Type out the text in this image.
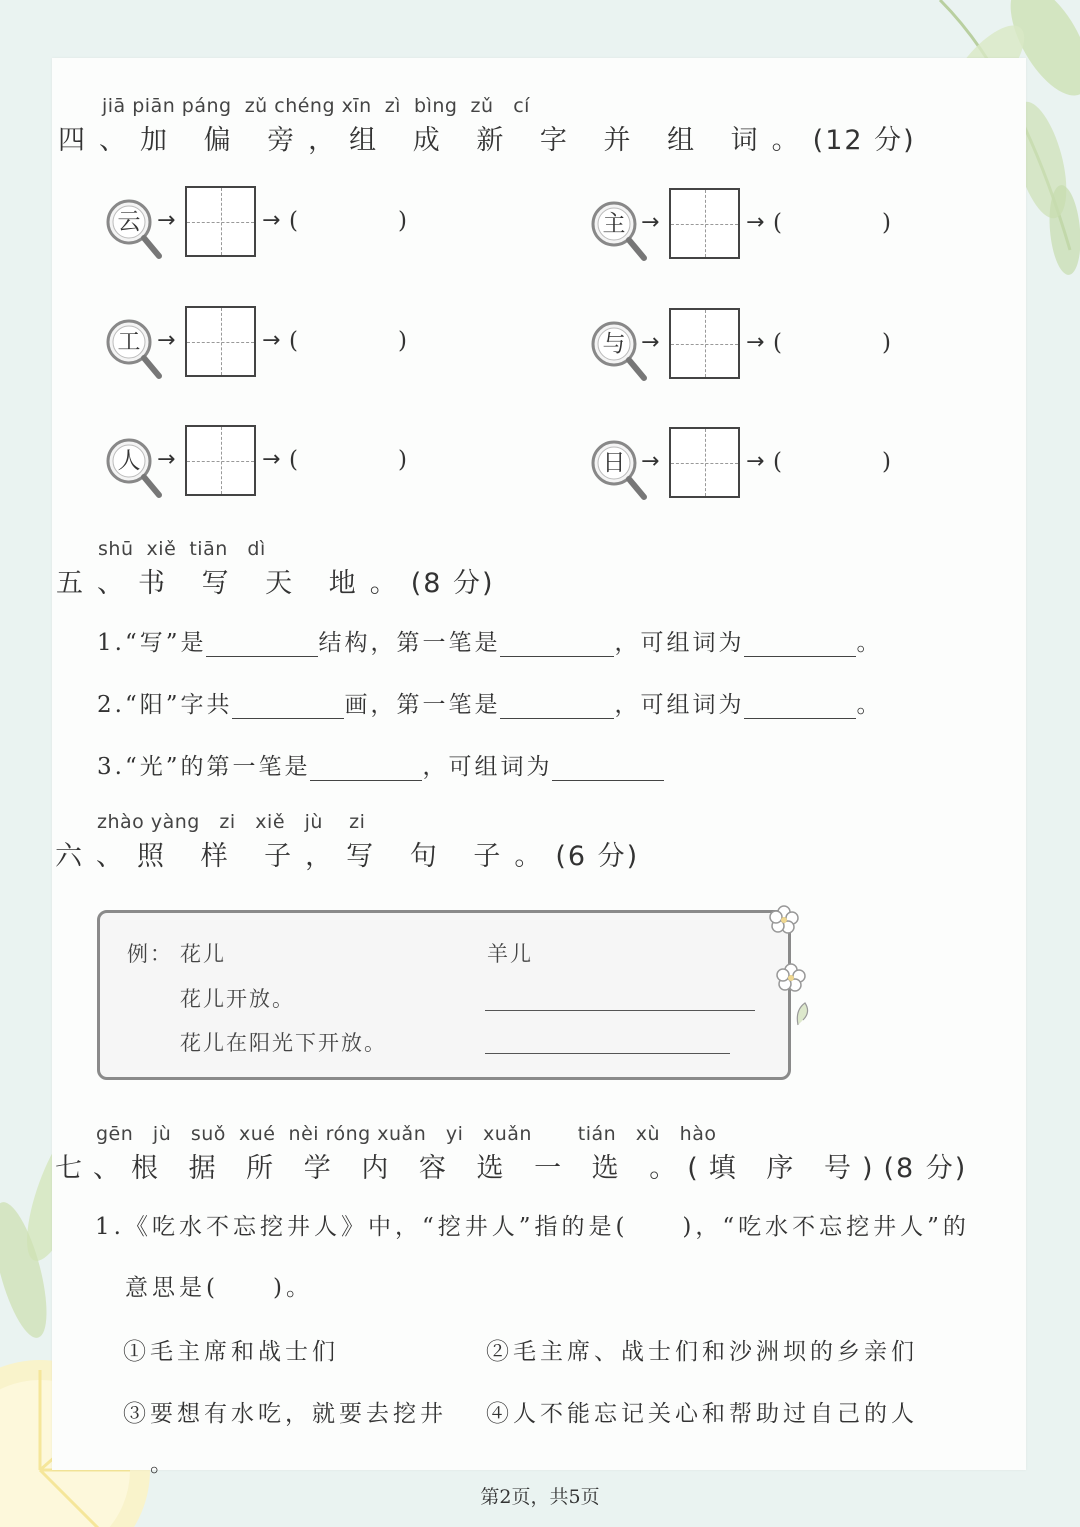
jiā piān páng  zǔ chéng xīn  zì  bìng  zǔ   cí
四、加 偏 旁，组 成 新 字 并 组 词。(12 分)
云 →	→ (	)	主 →	→ (	)
工 →	→ (	)	与 →	→ (	)
人 →	→ (	)	日 →	→ (	)
shū  xiě  tiān   dì
五、书 写 天 地。(8 分)
1.“写”是	结构，第一笔是	，可组词为	。
2.“阳”字共	画，第一笔是	，可组词为	。
3.“光”的第一笔是	，可组词为
zhào yàng   zi   xiě   jù    zi
六、照 样 子，写 句 子。(6 分)
例： 花儿
花儿开放。
花儿在阳光下开放。
羊儿
gēn   jù   suǒ  xué  nèi róng xuǎn   yi   xuǎn       tián   xù   hào
七、根 据 所 学 内 容 选 一 选 。(填 序 号)(8 分)
1.《吃水不忘挖井人》中，“挖井人”指的是(　　)，“吃水不忘挖井人”的
意思是(　　)。
①毛主席和战士们	②毛主席、战士们和沙洲坝的乡亲们
③要想有水吃，就要去挖井 ④人不能忘记关心和帮助过自己的人
。
第2页，共5页
